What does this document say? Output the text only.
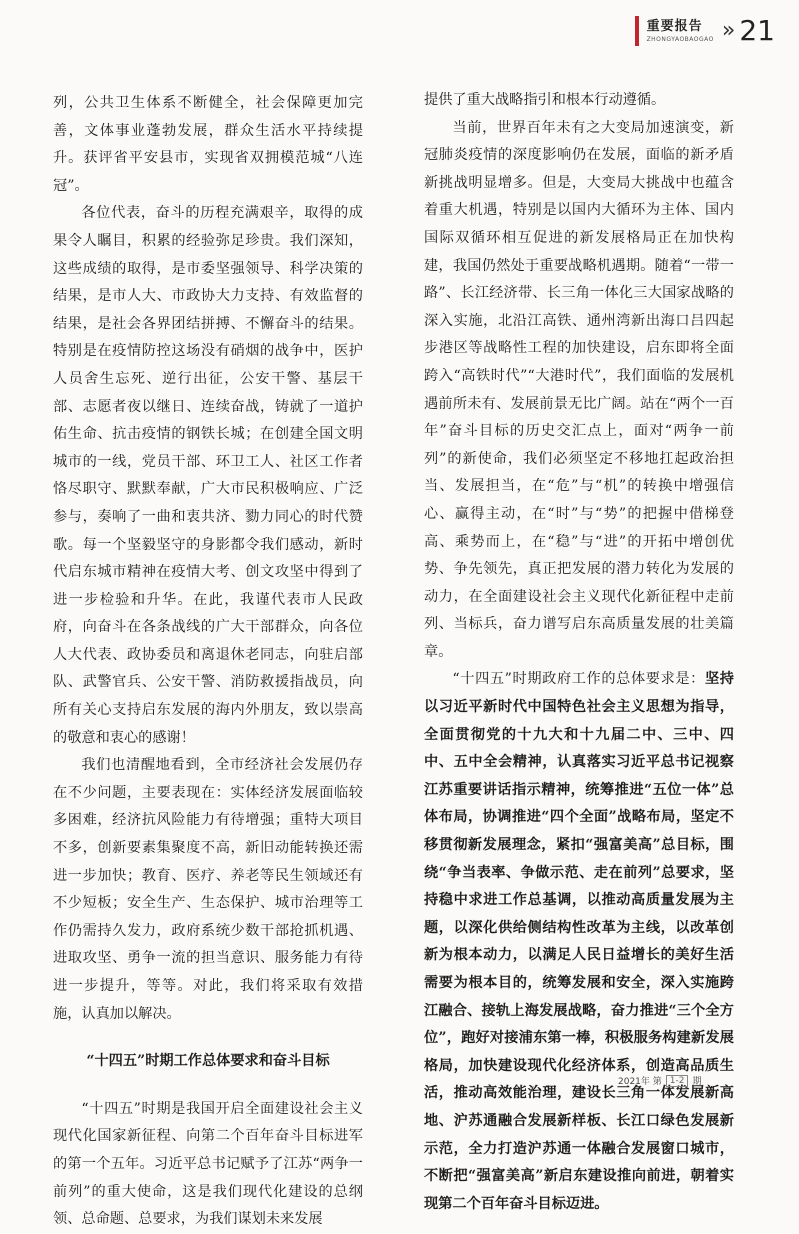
重要报告
ZHONGYAOBAOGAO » 21

列，公共卫生体系不断健全，社会保障更加完善，文体事业蓬勃发展，群众生活水平持续提升。获评省平安县市，实现省双拥模范城“八连冠”。

各位代表，奋斗的历程充满艰辛，取得的成果令人瞩目，积累的经验弥足珍贵。我们深知，这些成绩的取得，是市委坚强领导、科学决策的结果，是市人大、市政协大力支持、有效监督的结果，是社会各界团结拼搏、不懈奋斗的结果。特别是在疫情防控这场没有硝烟的战争中，医护人员舍生忘死、逆行出征，公安干警、基层干部、志愿者夜以继日、连续奋战，铸就了一道护佑生命、抗击疫情的钢铁长城；在创建全国文明城市的一线，党员干部、环卫工人、社区工作者恪尽职守、默默奉献，广大市民积极响应、广泛参与，奏响了一曲和衷共济、勠力同心的时代赞歌。每一个坚毅坚守的身影都令我们感动，新时代启东城市精神在疫情大考、创文攻坚中得到了进一步检验和升华。在此，我谨代表市人民政府，向奋斗在各条战线的广大干部群众，向各位人大代表、政协委员和离退休老同志，向驻启部队、武警官兵、公安干警、消防救援指战员，向所有关心支持启东发展的海内外朋友，致以崇高的敬意和衷心的感谢！

我们也清醒地看到，全市经济社会发展仍存在不少问题，主要表现在：实体经济发展面临较多困难，经济抗风险能力有待增强；重特大项目不多，创新要素集聚度不高，新旧动能转换还需进一步加快；教育、医疗、养老等民生领域还有不少短板；安全生产、生态保护、城市治理等工作仍需持久发力，政府系统少数干部抢抓机遇、进取攻坚、勇争一流的担当意识、服务能力有待进一步提升，等等。对此，我们将采取有效措施，认真加以解决。

“十四五”时期工作总体要求和奋斗目标

“十四五”时期是我国开启全面建设社会主义现代化国家新征程、向第二个百年奋斗目标进军的第一个五年。习近平总书记赋予了江苏“两争一前列”的重大使命，这是我们现代化建设的总纲领、总命题、总要求，为我们谋划未来发展

提供了重大战略指引和根本行动遵循。

当前，世界百年未有之大变局加速演变，新冠肺炎疫情的深度影响仍在发展，面临的新矛盾新挑战明显增多。但是，大变局大挑战中也蕴含着重大机遇，特别是以国内大循环为主体、国内国际双循环相互促进的新发展格局正在加快构建，我国仍然处于重要战略机遇期。随着“一带一路”、长江经济带、长三角一体化三大国家战略的深入实施，北沿江高铁、通州湾新出海口吕四起步港区等战略性工程的加快建设，启东即将全面跨入“高铁时代”“大港时代”，我们面临的发展机遇前所未有、发展前景无比广阔。站在“两个一百年”奋斗目标的历史交汇点上，面对“两争一前列”的新使命，我们必须坚定不移地扛起政治担当、发展担当，在“危”与“机”的转换中增强信心、赢得主动，在“时”与“势”的把握中借梯登高、乘势而上，在“稳”与“进”的开拓中增创优势、争先领先，真正把发展的潜力转化为发展的动力，在全面建设社会主义现代化新征程中走前列、当标兵，奋力谱写启东高质量发展的壮美篇章。

“十四五”时期政府工作的总体要求是：坚持以习近平新时代中国特色社会主义思想为指导，全面贯彻党的十九大和十九届二中、三中、四中、五中全会精神，认真落实习近平总书记视察江苏重要讲话指示精神，统筹推进“五位一体”总体布局，协调推进“四个全面”战略布局，坚定不移贯彻新发展理念，紧扣“强富美高”总目标，围绕“争当表率、争做示范、走在前列”总要求，坚持稳中求进工作总基调，以推动高质量发展为主题，以深化供给侧结构性改革为主线，以改革创新为根本动力，以满足人民日益增长的美好生活需要为根本目的，统筹发展和安全，深入实施跨江融合、接轨上海发展战略，奋力推进“三个全方位”，跑好对接浦东第一棒，积极服务构建新发展格局，加快建设现代化经济体系，创造高品质生活，推动高效能治理，建设长三角一体发展新高地、沪苏通融合发展新样板、长江口绿色发展新示范，全力打造沪苏通一体融合发展窗口城市，不断把“强富美高”新启东建设推向前进，朝着实现第二个百年奋斗目标迈进。

2021年 第 1-2 期
